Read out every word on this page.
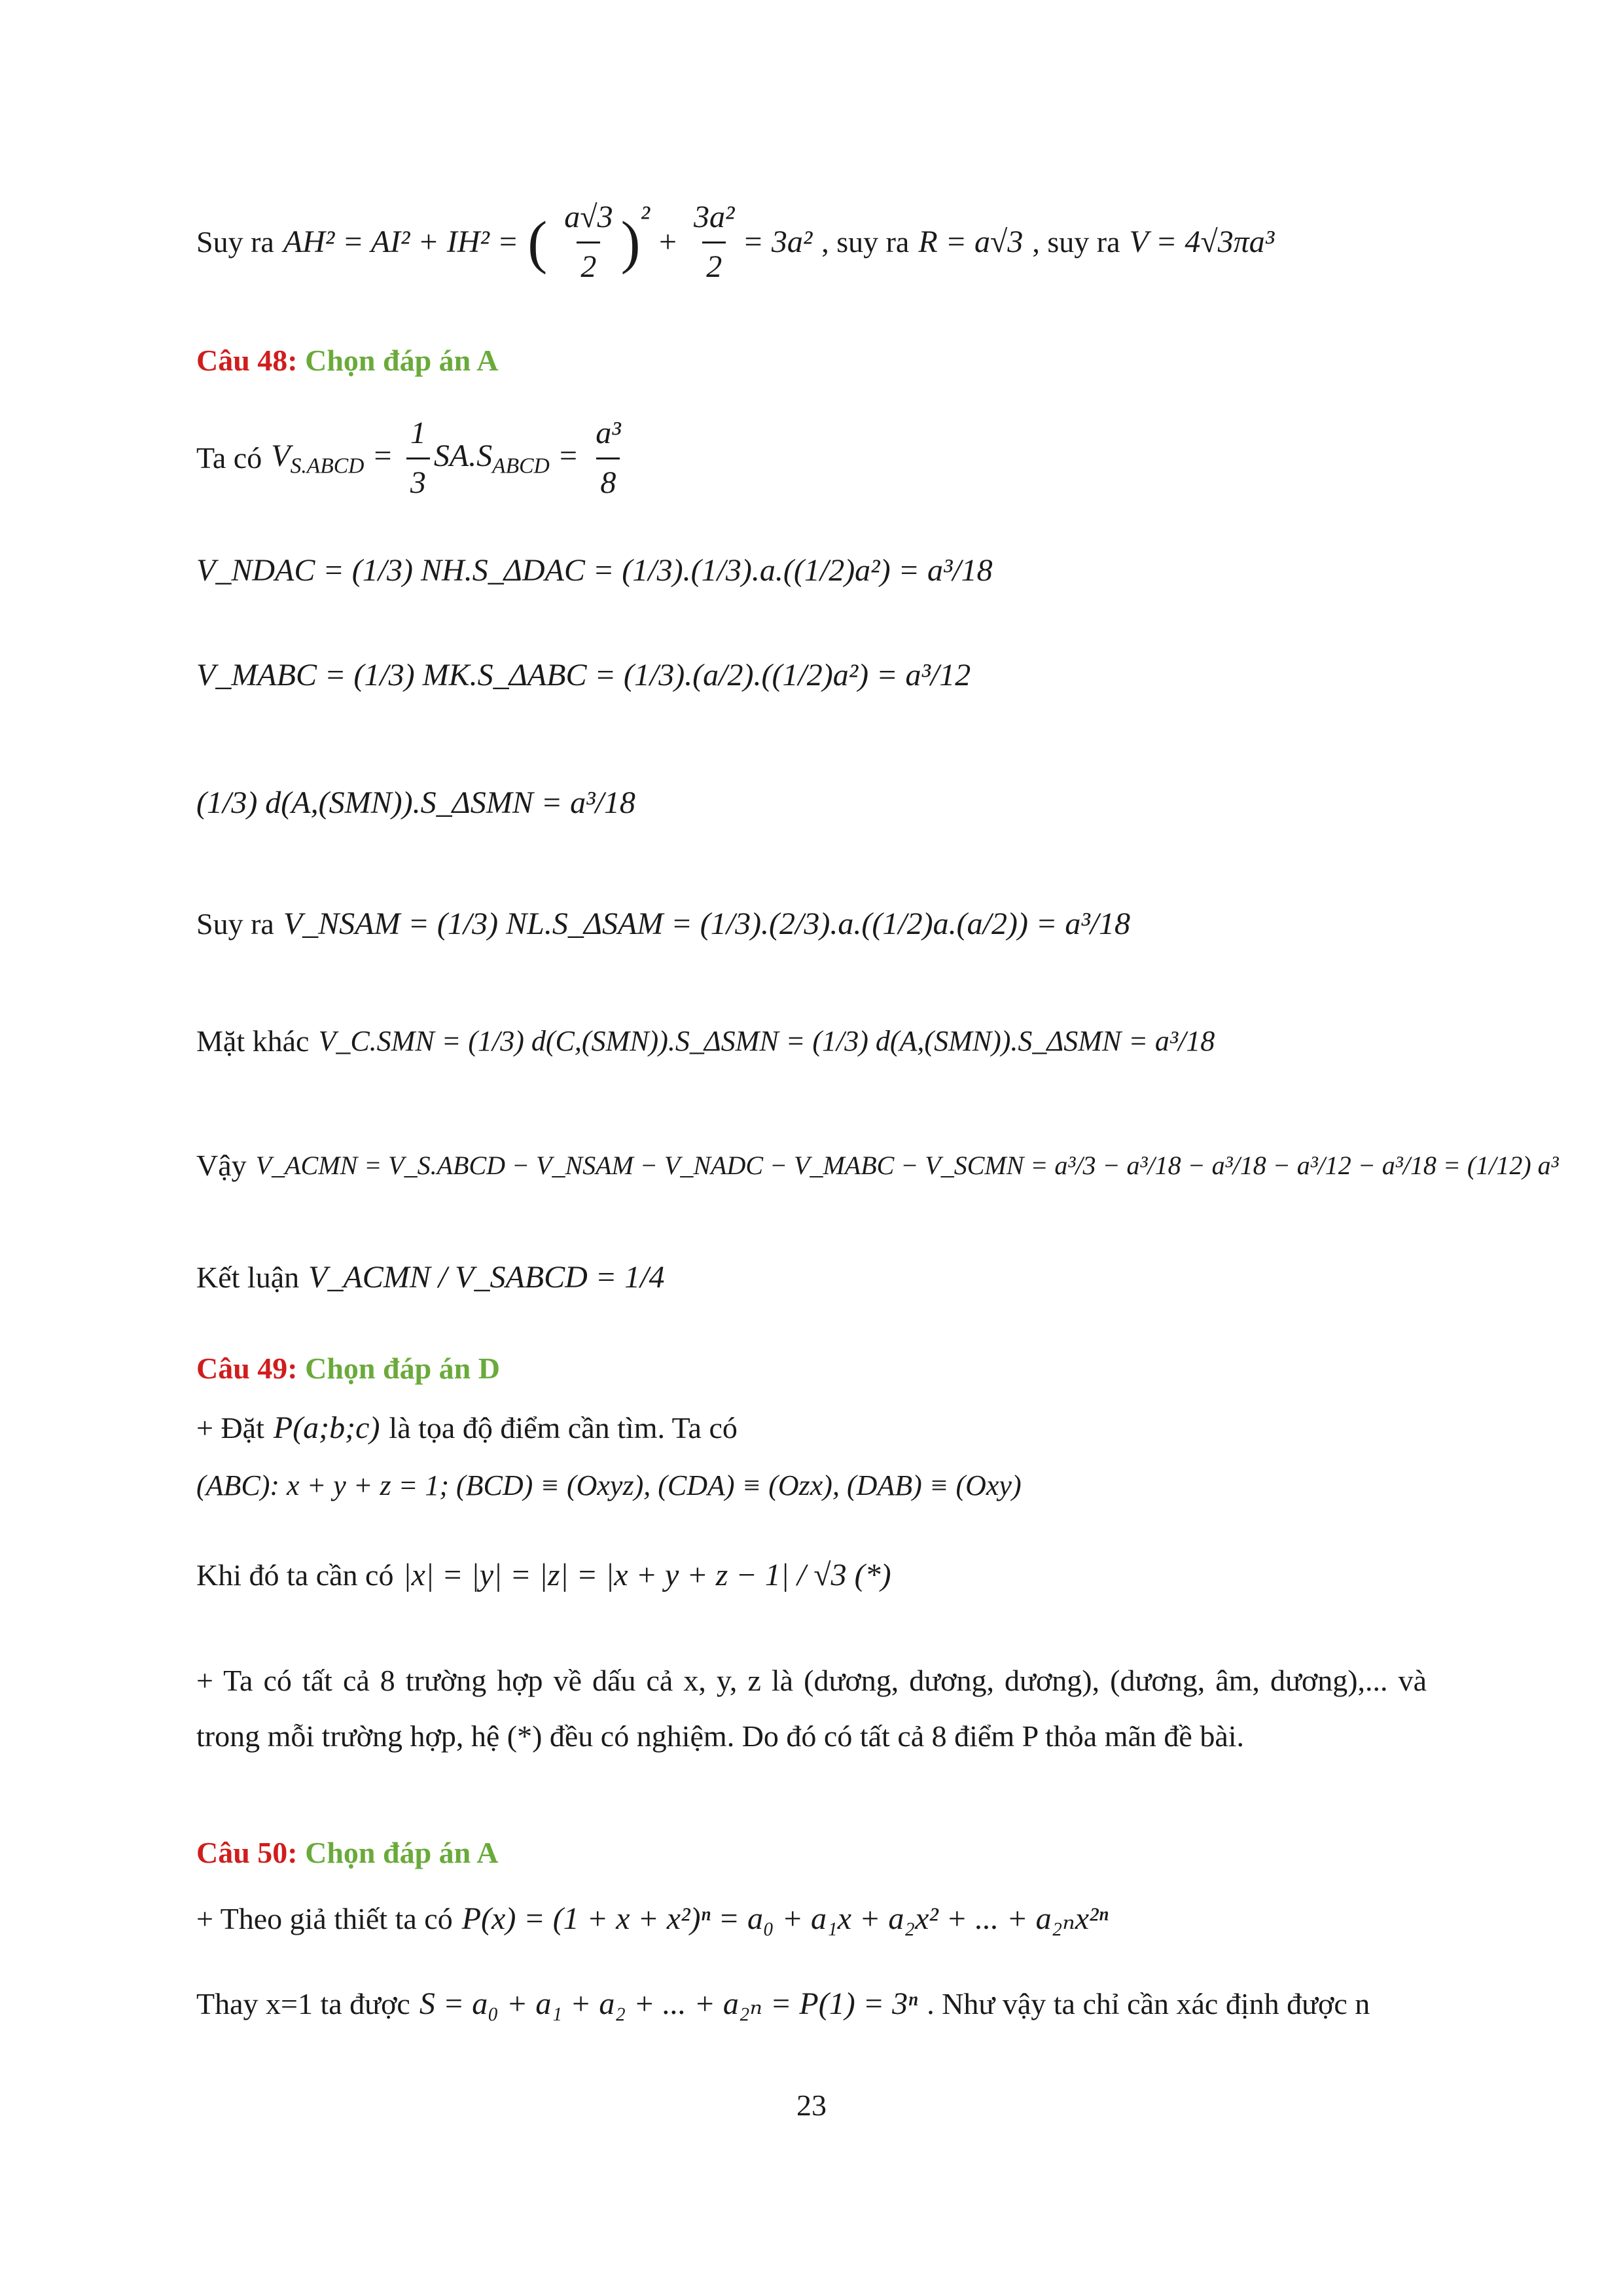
Suy ra AH² = AI² + IH² = ( $\frac{a√3}{2}$ ) ²
+ $\frac{\text{3a²}}{2} = 3a^2$ , suy ra R = a√3 , suy ra V = 4√3πa³
Câu 48: Chọn đáp án A
Ta có $V_{S.ABCD} = \frac{1}{3} SA.S_{ABCD} = \frac{\text{a³}}{8}$
V_NDAC = (1/3) NH.S_ΔDAC = (1/3).(1/3).a.((1/2)a²) = a³/18
V_MABC = (1/3) MK.S_ΔABC = (1/3).(a/2).((1/2)a²) = a³/12
(1/3) d(A,(SMN)).S_ΔSMN = a³/18
Suy ra V_NSAM = (1/3) NL.S_ΔSAM = (1/3).(2/3).a.((1/2)a.(a/2)) = a³/18
Mặt khác V_C.SMN = (1/3) d(C,(SMN)).S_ΔSMN = (1/3) d(A,(SMN)).S_ΔSMN = a³/18
Vậy V_ACMN = V_S.ABCD − V_NSAM − V_NADC − V_MABC − V_SCMN = a³/3 − a³/18 − a³/18 − a³/12 − a³/18 = (1/12) a³
Kết luận V_ACMN / V_SABCD = 1/4
Câu 49: Chọn đáp án D
+ Đặt P(a;b;c) là tọa độ điểm cần tìm. Ta có
(ABC): x + y + z = 1; (BCD) ≡ (Oxyz), (CDA) ≡ (Ozx), (DAB) ≡ (Oxy)
Khi đó ta cần có |x| = |y| = |z| = |x + y + z − 1| / √3 (*)
+ Ta có tất cả 8 trường hợp về dấu cả x, y, z là (dương, dương, dương), (dương, âm, dương),... và trong mỗi trường hợp, hệ (*) đều có nghiệm. Do đó có tất cả 8 điểm P thỏa mãn đề bài.
Câu 50: Chọn đáp án A
+ Theo giả thiết ta có P(x) = (1 + x + x²)ⁿ = a₀ + a₁x + a₂x² + ... + a₂ₙx²ⁿ
Thay x=1 ta được S = a₀ + a₁ + a₂ + ... + a₂ₙ = P(1) = 3ⁿ . Như vậy ta chỉ cần xác định được n
23
